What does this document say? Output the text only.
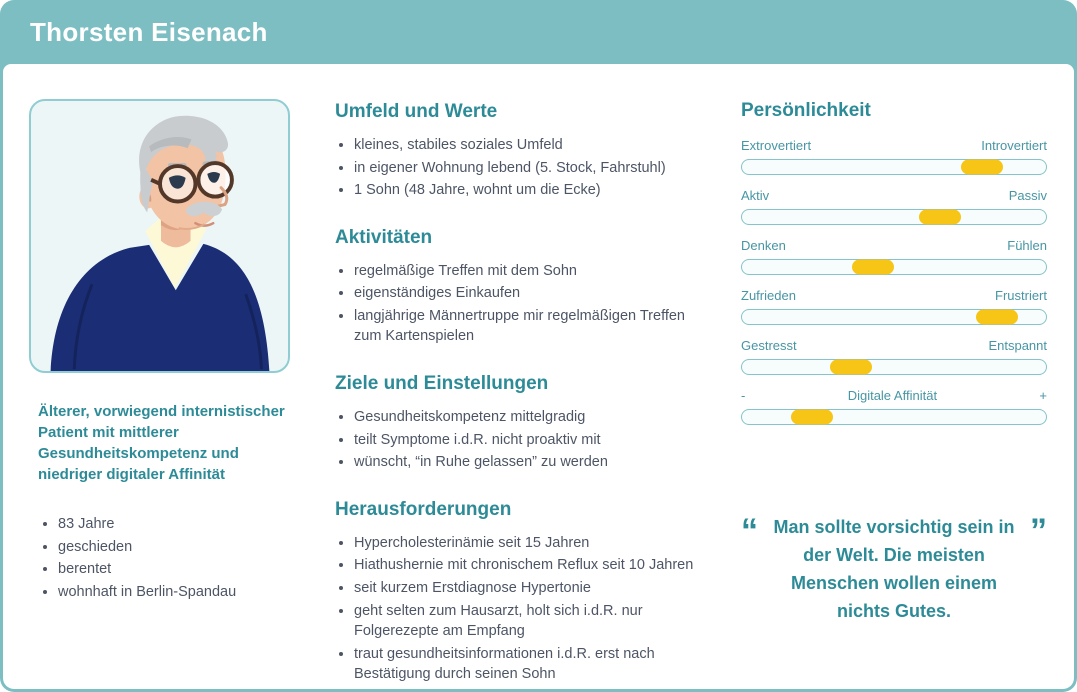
Thorsten Eisenach

Älterer, vorwiegend internistischer Patient mit mittlerer Gesundheitskompetenz und niedriger digitaler Affinität

• 83 Jahre
• geschieden
• berentet
• wohnhaft in Berlin-Spandau
Umfeld und Werte
• kleines, stabiles soziales Umfeld
• in eigener Wohnung lebend (5. Stock, Fahrstuhl)
• 1 Sohn (48 Jahre, wohnt um die Ecke)
Aktivitäten
• regelmäßige Treffen mit dem Sohn
• eigenständiges Einkaufen
• langjährige Männertruppe mir regelmäßigen Treffen zum Kartenspielen
Ziele und Einstellungen
• Gesundheitskompetenz mittelgradig
• teilt Symptome i.d.R. nicht proaktiv mit
• wünscht, “in Ruhe gelassen” zu werden
Herausforderungen
• Hypercholesterinämie seit 15 Jahren
• Hiathushernie mit chronischem Reflux seit 10 Jahren
• seit kurzem Erstdiagnose Hypertonie
• geht selten zum Hausarzt, holt sich i.d.R. nur Folgerezepte am Empfang
• traut gesundheitsinformationen i.d.R. erst nach Bestätigung durch seinen Sohn
Persönlichkeit
Extrovertiert	Introvertiert
Aktiv	Passiv
Denken	Fühlen
Zufrieden	Frustriert
Gestresst	Entspannt
-	Digitale Affinität	+
“ Man sollte vorsichtig sein in der Welt. Die meisten Menschen wollen einem nichts Gutes.
”
